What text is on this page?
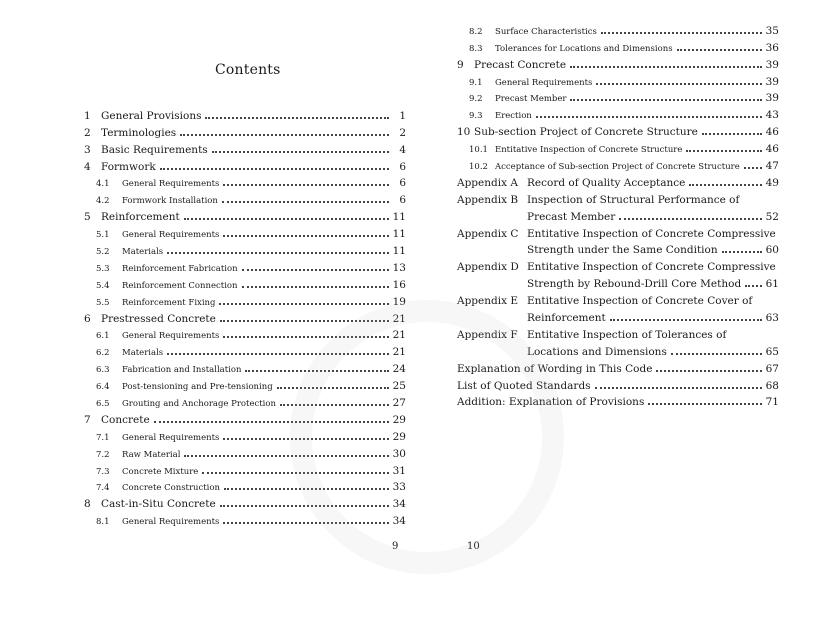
Contents
1 General Provisions	1
2 Terminologies	2
3 Basic Requirements	4
4 Formwork	6
4.1	General Requirements	6
4.2	Formwork Installation	6
5 Reinforcement	11
5.1	General Requirements	11
5.2	Materials	11
5.3	Reinforcement Fabrication	13
5.4	Reinforcement Connection	16
5.5	Reinforcement Fixing	19
6 Prestressed Concrete	21
6.1	General Requirements	21
6.2	Materials	21
6.3	Fabrication and Installation	24
6.4	Post-tensioning and Pre-tensioning	25
6.5	Grouting and Anchorage Protection	27
7 Concrete	29
7.1	General Requirements	29
7.2	Raw Material	30
7.3	Concrete Mixture	31
7.4	Concrete Construction	33
8 Cast-in-Situ Concrete	34
8.1	General Requirements	34
9
8.2	Surface Characteristics	35
8.3	Tolerances for Locations and Dimensions	36
9 Precast Concrete	39
9.1	General Requirements	39
9.2	Precast Member	39
9.3	Erection	43
10 Sub-section Project of Concrete Structure	46
10.1 Entitative Inspection of Concrete Structure	46
10.2 Acceptance of Sub-section Project of Concrete Structure 47
Appendix A Record of Quality Acceptance	49
Appendix B Inspection of Structural Performance of
Precast Member	52
Appendix C Entitative Inspection of Concrete Compressive
Strength under the Same Condition	60
Appendix D Entitative Inspection of Concrete Compressive
Strength by Rebound-Drill Core Method 61
Appendix E Entitative Inspection of Concrete Cover of
Reinforcement	63
Appendix F Entitative Inspection of Tolerances of
Locations and Dimensions	65
Explanation of Wording in This Code	67
List of Quoted Standards	68
Addition: Explanation of Provisions	71
10
